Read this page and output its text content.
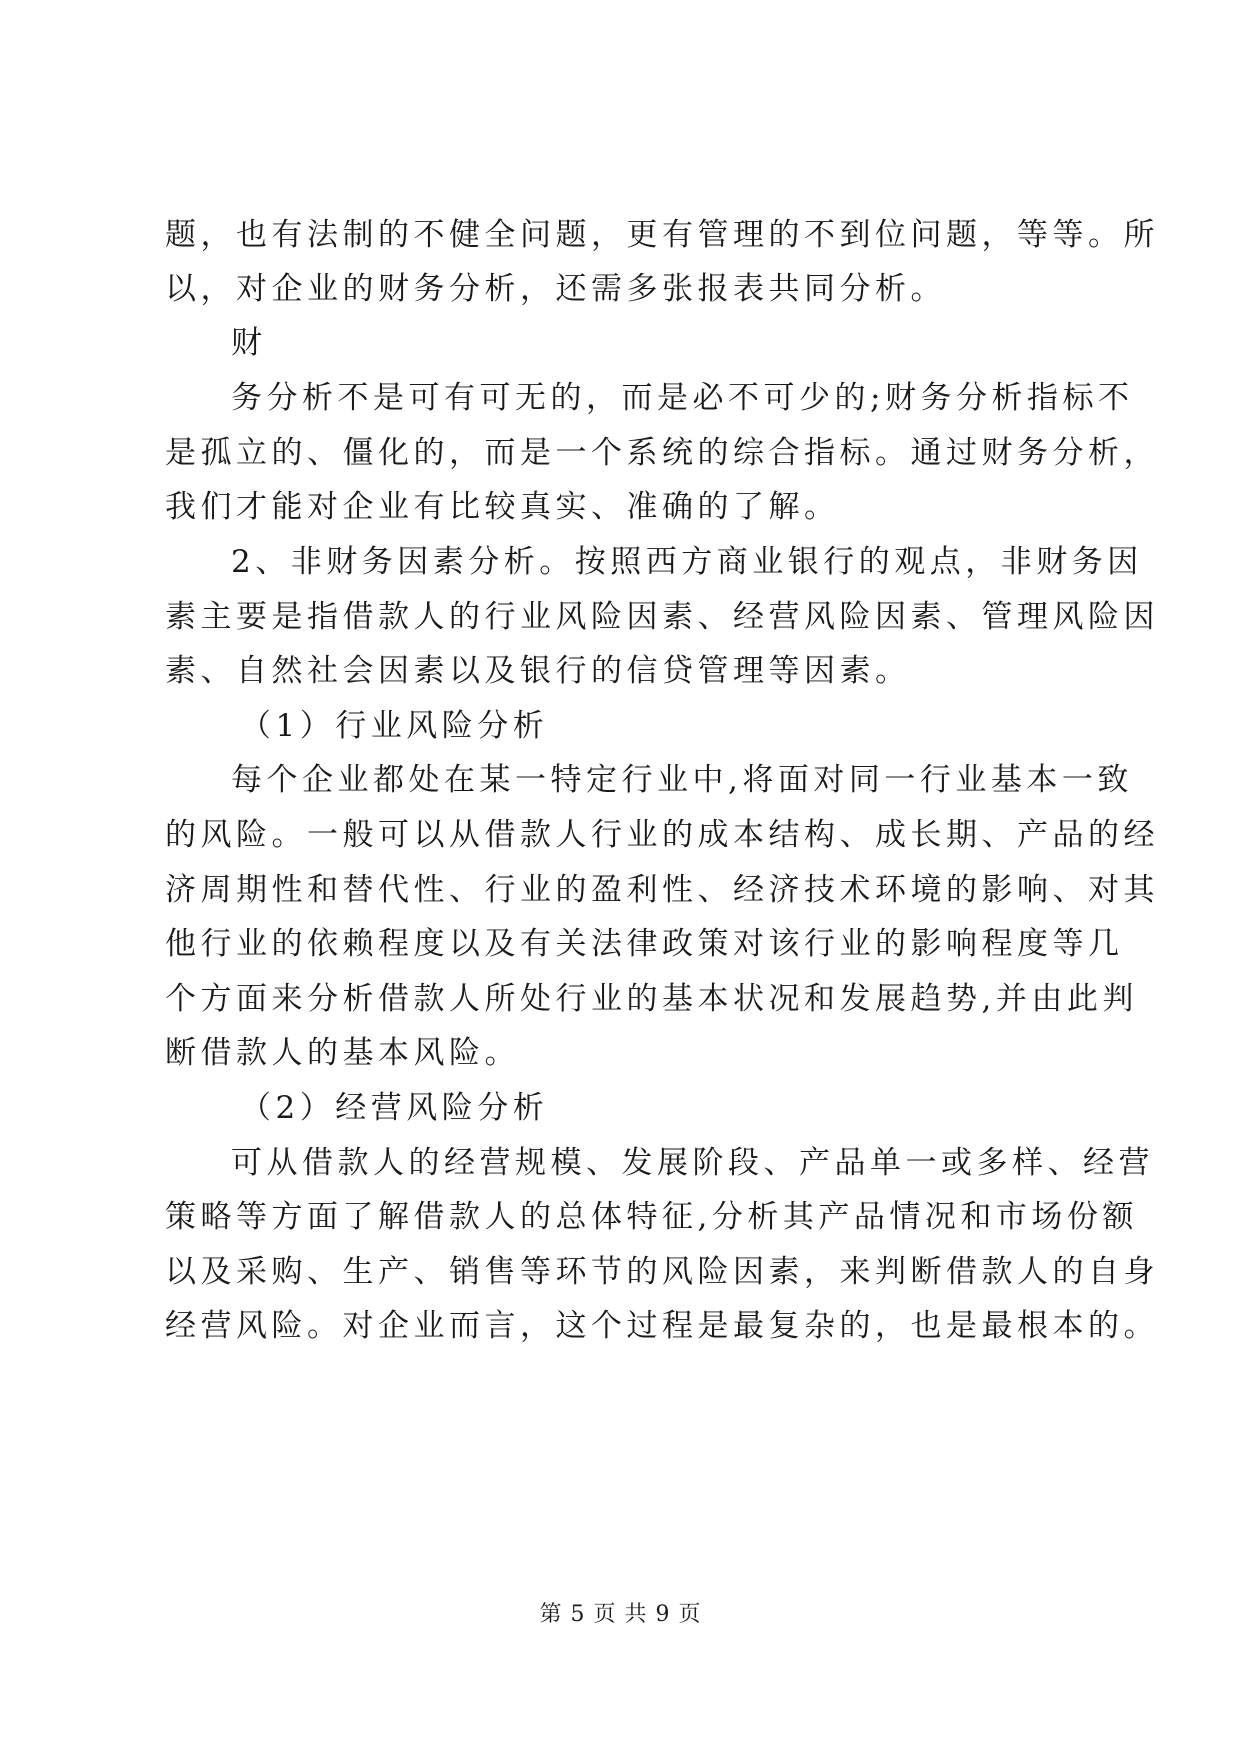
题，也有法制的不健全问题，更有管理的不到位问题，等等。所
以，对企业的财务分析，还需多张报表共同分析。
财
务分析不是可有可无的，而是必不可少的;财务分析指标不
是孤立的、僵化的，而是一个系统的综合指标。通过财务分析，
我们才能对企业有比较真实、准确的了解。
2、非财务因素分析。按照西方商业银行的观点，非财务因
素主要是指借款人的行业风险因素、经营风险因素、管理风险因
素、自然社会因素以及银行的信贷管理等因素。
（1）行业风险分析
每个企业都处在某一特定行业中,将面对同一行业基本一致
的风险。一般可以从借款人行业的成本结构、成长期、产品的经
济周期性和替代性、行业的盈利性、经济技术环境的影响、对其
他行业的依赖程度以及有关法律政策对该行业的影响程度等几
个方面来分析借款人所处行业的基本状况和发展趋势,并由此判
断借款人的基本风险。
（2）经营风险分析
可从借款人的经营规模、发展阶段、产品单一或多样、经营
策略等方面了解借款人的总体特征,分析其产品情况和市场份额
以及采购、生产、销售等环节的风险因素，来判断借款人的自身
经营风险。对企业而言，这个过程是最复杂的，也是最根本的。
第 5 页 共 9 页
